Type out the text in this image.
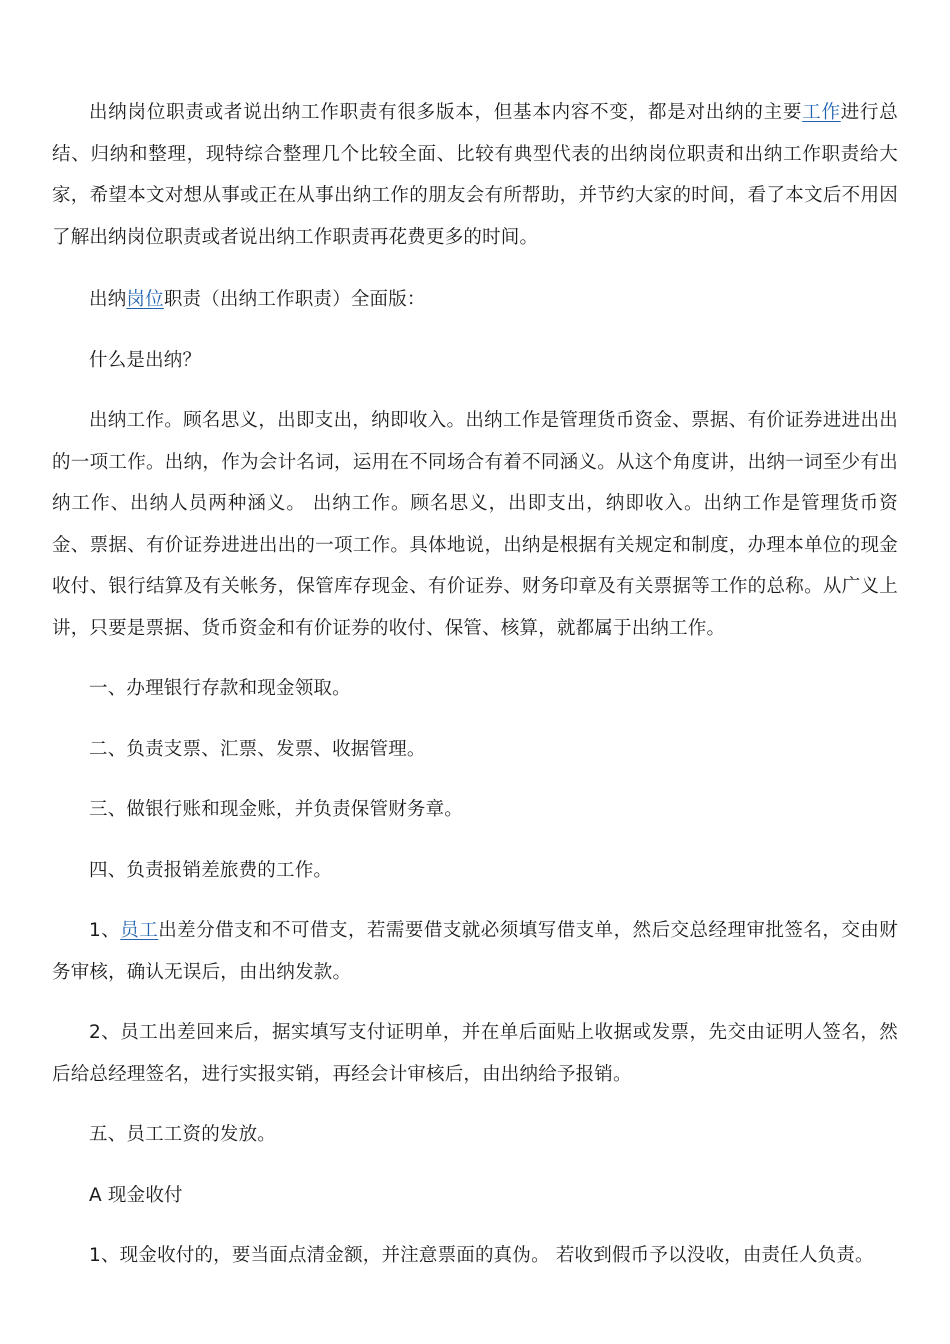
出纳岗位职责或者说出纳工作职责有很多版本，但基本内容不变，都是对出纳的主要工作进行总结、归纳和整理，现特综合整理几个比较全面、比较有典型代表的出纳岗位职责和出纳工作职责给大家，希望本文对想从事或正在从事出纳工作的朋友会有所帮助，并节约大家的时间，看了本文后不用因了解出纳岗位职责或者说出纳工作职责再花费更多的时间。

出纳岗位职责（出纳工作职责）全面版：

什么是出纳？

出纳工作。顾名思义，出即支出，纳即收入。出纳工作是管理货币资金、票据、有价证券进进出出的一项工作。出纳，作为会计名词，运用在不同场合有着不同涵义。从这个角度讲，出纳一词至少有出纳工作、出纳人员两种涵义。 出纳工作。顾名思义，出即支出，纳即收入。出纳工作是管理货币资金、票据、有价证券进进出出的一项工作。具体地说，出纳是根据有关规定和制度，办理本单位的现金收付、银行结算及有关帐务，保管库存现金、有价证券、财务印章及有关票据等工作的总称。从广义上讲，只要是票据、货币资金和有价证券的收付、保管、核算，就都属于出纳工作。

一、办理银行存款和现金领取。

二、负责支票、汇票、发票、收据管理。

三、做银行账和现金账，并负责保管财务章。

四、负责报销差旅费的工作。

1、员工出差分借支和不可借支，若需要借支就必须填写借支单，然后交总经理审批签名，交由财务审核，确认无误后，由出纳发款。

2、员工出差回来后，据实填写支付证明单，并在单后面贴上收据或发票，先交由证明人签名，然后给总经理签名，进行实报实销，再经会计审核后，由出纳给予报销。

五、员工工资的发放。

A 现金收付

1、现金收付的，要当面点清金额，并注意票面的真伪。 若收到假币予以没收，由责任人负责。
